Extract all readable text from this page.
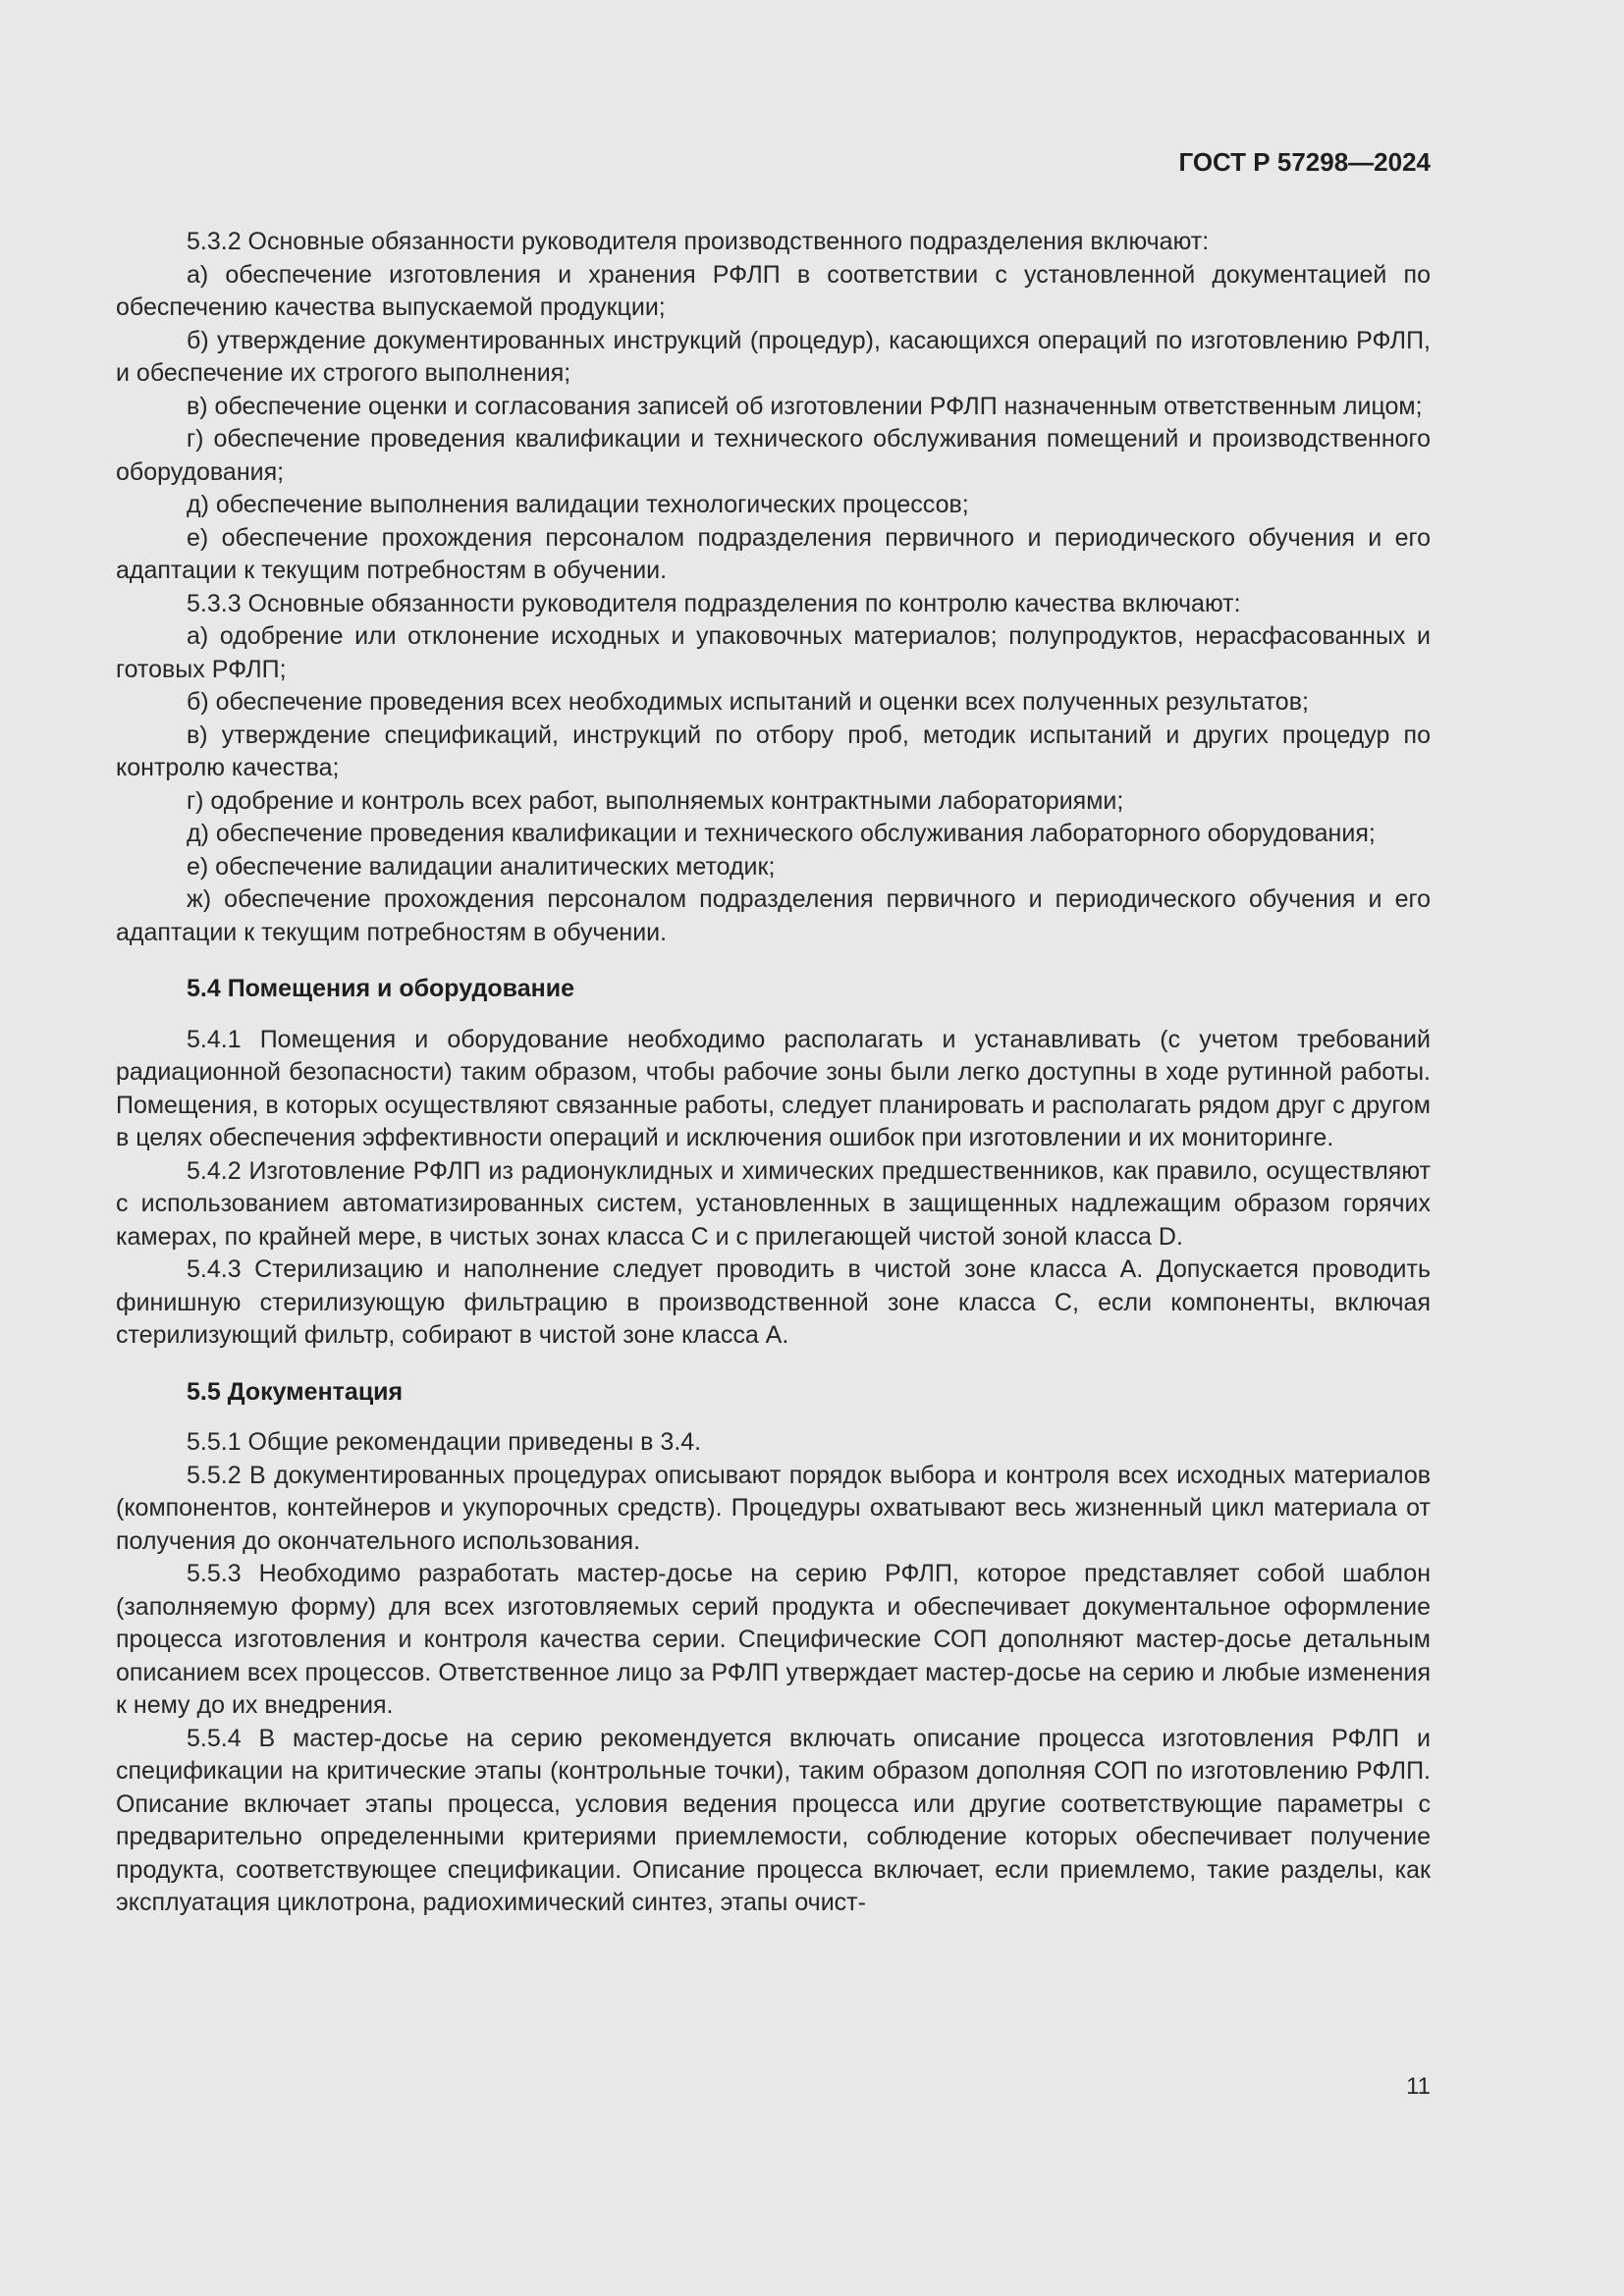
ГОСТ Р 57298—2024

5.3.2 Основные обязанности руководителя производственного подразделения включают:

а) обеспечение изготовления и хранения РФЛП в соответствии с установленной документацией по обеспечению качества выпускаемой продукции;

б) утверждение документированных инструкций (процедур), касающихся операций по изготовлению РФЛП, и обеспечение их строгого выполнения;

в) обеспечение оценки и согласования записей об изготовлении РФЛП назначенным ответственным лицом;

г) обеспечение проведения квалификации и технического обслуживания помещений и производственного оборудования;

д) обеспечение выполнения валидации технологических процессов;

е) обеспечение прохождения персоналом подразделения первичного и периодического обучения и его адаптации к текущим потребностям в обучении.

5.3.3 Основные обязанности руководителя подразделения по контролю качества включают:

а) одобрение или отклонение исходных и упаковочных материалов; полупродуктов, нерасфасованных и готовых РФЛП;

б) обеспечение проведения всех необходимых испытаний и оценки всех полученных результатов;

в) утверждение спецификаций, инструкций по отбору проб, методик испытаний и других процедур по контролю качества;

г) одобрение и контроль всех работ, выполняемых контрактными лабораториями;

д) обеспечение проведения квалификации и технического обслуживания лабораторного оборудования;

е) обеспечение валидации аналитических методик;

ж) обеспечение прохождения персоналом подразделения первичного и периодического обучения и его адаптации к текущим потребностям в обучении.

5.4 Помещения и оборудование

5.4.1 Помещения и оборудование необходимо располагать и устанавливать (с учетом требований радиационной безопасности) таким образом, чтобы рабочие зоны были легко доступны в ходе рутинной работы. Помещения, в которых осуществляют связанные работы, следует планировать и располагать рядом друг с другом в целях обеспечения эффективности операций и исключения ошибок при изготовлении и их мониторинге.

5.4.2 Изготовление РФЛП из радионуклидных и химических предшественников, как правило, осуществляют с использованием автоматизированных систем, установленных в защищенных надлежащим образом горячих камерах, по крайней мере, в чистых зонах класса С и с прилегающей чистой зоной класса D.

5.4.3 Стерилизацию и наполнение следует проводить в чистой зоне класса А. Допускается проводить финишную стерилизующую фильтрацию в производственной зоне класса С, если компоненты, включая стерилизующий фильтр, собирают в чистой зоне класса А.

5.5 Документация

5.5.1 Общие рекомендации приведены в 3.4.

5.5.2 В документированных процедурах описывают порядок выбора и контроля всех исходных материалов (компонентов, контейнеров и укупорочных средств). Процедуры охватывают весь жизненный цикл материала от получения до окончательного использования.

5.5.3 Необходимо разработать мастер-досье на серию РФЛП, которое представляет собой шаблон (заполняемую форму) для всех изготовляемых серий продукта и обеспечивает документальное оформление процесса изготовления и контроля качества серии. Специфические СОП дополняют мастер-досье детальным описанием всех процессов. Ответственное лицо за РФЛП утверждает мастер-досье на серию и любые изменения к нему до их внедрения.

5.5.4 В мастер-досье на серию рекомендуется включать описание процесса изготовления РФЛП и спецификации на критические этапы (контрольные точки), таким образом дополняя СОП по изготовлению РФЛП. Описание включает этапы процесса, условия ведения процесса или другие соответствующие параметры с предварительно определенными критериями приемлемости, соблюдение которых обеспечивает получение продукта, соответствующее спецификации. Описание процесса включает, если приемлемо, такие разделы, как эксплуатация циклотрона, радиохимический синтез, этапы очист-

11
